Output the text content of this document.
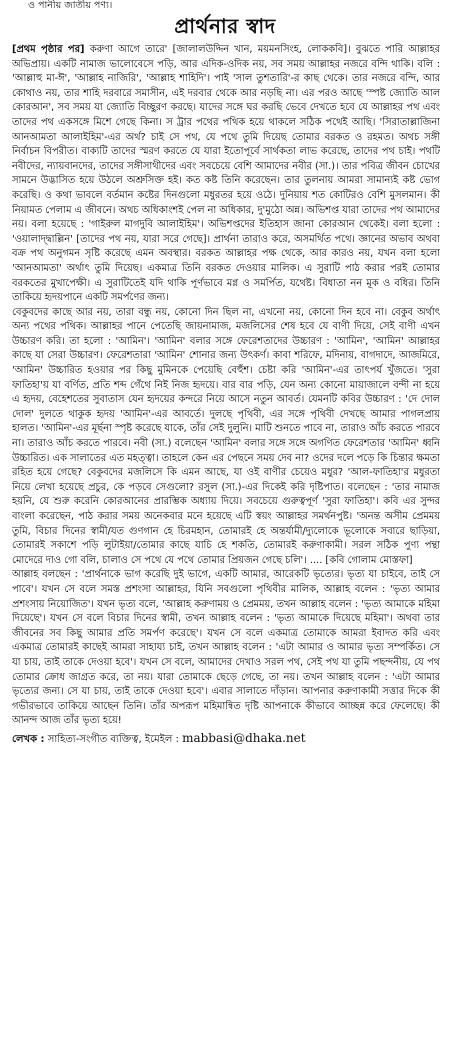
ও পানীয় জাতীয় পণ্য।
প্রার্থনার স্বাদ

[প্রথম পৃষ্ঠার পর] করুণা আগে তারে' [জালালউদ্দিন খান, ময়মনসিংহ, লোককবি]। বুঝতে পারি আল্লাহর অভিপ্রায়। একটি নামাজ ভালোবেসে পড়ি, আর এদিক-ওদিক নয়, সব সময় আল্লাহর নজরে বন্দি থাকি। বলি : 'আল্লাহু মা-ঈ', 'আল্লাহ নাজিরি', 'আল্লাহ শাহিদি'। পাই 'সাল তুশতারি'-র কাছ থেকে। তার নজরে বন্দি, আর কোথাও নয়, তার শাহি দরবারে সমাসীন, এই দরবার থেকে আর নড়ছি না। এর পরও আছে 'স্পষ্ট জ্যোতি আল কোরআন', সব সময় যা জ্যোতি বিচ্ছুরণ করছে। যাদের সঙ্গে ঘর করছি ভেবে দেখতে হবে যে আল্লাহর পথ এবং তাদের পথ একসঙ্গে মিশে গেছে কিনা। স ট্রার পথের পথিক হয়ে থাকলে সঠিক পথেই আছি। 'সিরাতাল্লাজিনা আনআমতা আলাইহিম'-এর অর্থ? চাই সে পথ, যে পথে তুমি দিয়েছ তোমার বরকত ও রহমত। অথচ সঙ্গী নির্বাচন বিপরীত। বাক্যটি তাদের স্মরণ করতে যে যারা ইতোপূর্বে সার্থকতা লাভ করেছে, তাদের পথ চাই। পথটি নবীদের, ন্যায়বানদের, তাদের সঙ্গীসাথীদের এবং সবচেয়ে বেশি আমাদের নবীর (সা.)। তার পবিত্র জীবন চোখের সামনে উদ্ভাসিত হয়ে উঠলে অশ্রুসিক্ত হই। কত কষ্ট তিনি করেছেন। তার তুলনায় আমরা সামান্যই কষ্ট ভোগ করেছি। ও কথা ভাবলে বর্তমান কষ্টের দিনগুলো মধুরতর হয়ে ওঠে। দুনিয়ায় শত কোটিরও বেশি মুসলমান। কী নিয়ামত পেলাম এ জীবনে। অথচ অধিকাংশই পেল না অধিকার, দু'মুঠো অন্ন। অভিশপ্ত যারা তাদের পথ আমাদের নয়। বলা হয়েছে : 'গাইরুল মাগদুবি আলাইহিম'। অভিশপ্তদের ইতিহাস জানা কোরআন থেকেই। বলা হলো : 'ওয়ালাদ্দ্বাল্লিন' [তাদের পথ নয়, যারা সরে গেছে]। প্রার্থনা তারাও করে, অসমর্থিত পথে। জ্ঞানের অভাব অথবা বক্র পথ অনুগমন সৃষ্টি করেছে এমন অবস্থার। বরকত আল্লাহর পক্ষ থেকে, আর কারও নয়, যখন বলা হলো 'আনআমতা' অর্থাৎ তুমি দিয়েছ। একমাত্র তিনি বরকত দেওয়ার মালিক। এ সুরাটি পাঠ করার পরই তোমার বরকতের মুখাপেক্ষী। এ সুরাটিতেই যদি থাকি পূর্ণভাবে মগ্ন ও সমর্পিত, যথেষ্ট। বিধাতা নন মূক ও বধির। তিনি তাকিয়ে হৃদয়পানে একটি সমর্পণের জন্য।

বেকুবদের কাছে আর নয়, তারা বন্ধু নয়, কোনো দিন ছিল না, এখনো নয়, কোনো দিন হবে না। বেকুব অর্থাৎ অন্য পথের পথিক। আল্লাহর পানে পেতেছি জায়নামাজ, মজলিসের শেষ হবে যে বাণী দিয়ে, সেই বাণী এখন উচ্চারণ করি। তা হলো : 'আমিন'। 'আমিন' বলার সঙ্গে ফেরেশতাদের উচ্চারণ : 'আমিন', 'আমিন' আল্লাহর কাছে যা সেরা উচ্চারণ। ফেরেশতারা 'আমিন' শোনার জন্য উৎকর্ণ। কাবা শরিফে, মদিনায়, বাগদাদে, আজমিরে, 'আমিন' উচ্চারিত হওয়ার পর কিছু মুমিনকে পেয়েছি বেহুঁশ। চেষ্টা করি 'আমিন'-এর তাৎপর্য খুঁজতে। 'সুরা ফাতিহা'য় যা বর্ণিত, প্রতি শব্দ গেঁথে নিই নিজ হৃদয়ে। বার বার পড়ি, যেন অন্য কোনো মায়াজালে বন্দী না হয়ে এ হৃদয়, বেহেশতের সুবাতাস যেন হৃদয়ের কন্দরে নিয়ে আসে নতুন আবর্ত। যেমনটি কবির উচ্চারণ : 'দে দোল দোল' দুলতে থাকুক হৃদয় 'আমিন'-এর আবর্তে। দুলছে পৃথিবী, এর সঙ্গে পৃথিবী দেখছে আমার পাগলপ্রায় হালত। 'আমিন'-এর মূর্ছনা স্পৃষ্ট করেছে যাকে, তাঁর সেই দুলুনি। মাটি শুনতে পাবে না, তারাও আঁচ করতে পারবে না। তারাও আঁচ করতে পারবে। নবী (সা.) বলেছেন 'আমিন' বলার সঙ্গে সঙ্গে অগণিত ফেরেশতার 'আমিন' ধ্বনি উচ্চারিত। এক সালাতের এত মহত্ত্বা। তাহলে কেন এর পেছনে সময় দেব না? ওদের দলে পড়ে কি চিন্তার ক্ষমতা রহিত হয়ে গেছে? বেকুবদের মজলিসে কি এমন আছে, যা ওই বাণীর চেয়েও মধুর? 'আল-ফাতিহা'র মধুরতা নিয়ে লেখা হয়েছে প্রচুর, কে পড়বে সেগুলো? রসুল (সা.)-এর দিকেই করি দৃষ্টিপাত। বলেছেন : 'তার নামাজ হয়নি, যে শুরু করেনি কোরআনের প্রারম্ভিক অধ্যায় দিয়ে। সবচেয়ে গুরুত্বপূর্ণ 'সুরা ফাতিহা'। কবি এর সুন্দর বাংলা করেছেন, পাঠ করার সময় অনেকবার মনে হয়েছে এটি স্বয়ং আল্লাহর সমর্থনপুষ্ট। 'অনন্ত অসীম প্রেমময় তুমি, বিচার দিনের স্বামী/যত গুণগান হে চিরমহান, তোমারই হে অন্তর্যামী/দ্যুলোকে ভূলোকে সবারে ছাড়িয়া, তোমারই সকাশে পড়ি লুটাইয়া/তোমার কাছে যাচি হে শকতি, তোমারই করুণাকামী। সরল সঠিক পুণ্য পন্থা মোদেরে দাও গো বলি, চালাও সে পথে যে পথে তোমার প্রিয়জন গেছে চলি'। .... [কবি গোলাম মোস্তফা]

আল্লাহ বলছেন : 'প্রার্থনাকে ভাগ করেছি দুই ভাগে, একটি আমার, আরেকটি ভৃত্যের। ভৃত্য যা চাইবে, তাই সে পাবে'। যখন সে বলে সমস্ত প্রশংসা আল্লাহর, যিনি সবগুলো পৃথিবীর মালিক, আল্লাহ বলেন : 'ভৃত্য আমার প্রশংসায় নিয়োজিত'। যখন ভৃত্য বলে, 'আল্লাহ করুণাময় ও প্রেমময়, তখন আল্লাহ বলেন : 'ভৃত্য আমাকে মহিমা দিয়েছে'। যখন সে বলে বিচার দিনের স্বামী, তখন আল্লাহ বলেন : 'ভৃত্য আমাকে দিয়েছে মহিমা'। অথবা তার জীবনের সব কিছু আমার প্রতি সমর্পণ করেছে'। যখন সে বলে একমাত্র তোমাকে আমরা ইবাদত করি এবং একমাত্র তোমারই কাছেই আমরা সাহায্য চাই, তখন আল্লাহ বলেন : 'এটা আমার ও আমার ভৃত্য সম্পর্কিত। সে যা চায়, তাই তাকে দেওয়া হবে'। যখন সে বলে, আমাদের দেখাও সরল পথ, সেই পথ যা তুমি পছন্দনীয়, যে পথ তোমার ক্রোধ জাগ্রত করে, তা নয়। যারা তোমাকে ছেড়ে গেছে, তা নয়। তখন আল্লাহ বলেন : 'এটা আমার ভৃত্যের জন্য। সে যা চায়, তাই তাকে দেওয়া হবে'। এবার সালাতে দাঁড়ান। আপনার করুণাকামী সত্তার দিকে কী গভীরভাবে তাকিয়ে আছেন তিনি। তাঁর অপরূপ মহিমান্বিত দৃষ্টি আপনাকে কীভাবে আচ্ছন্ন করে ফেলেছে। কী আনন্দ আজ তাঁর ভৃত্য হয়ে!

লেখক : সাহিত্য-সংগীত ব্যক্তিত্ব, ইমেইল : mabbasi@dhaka.net
